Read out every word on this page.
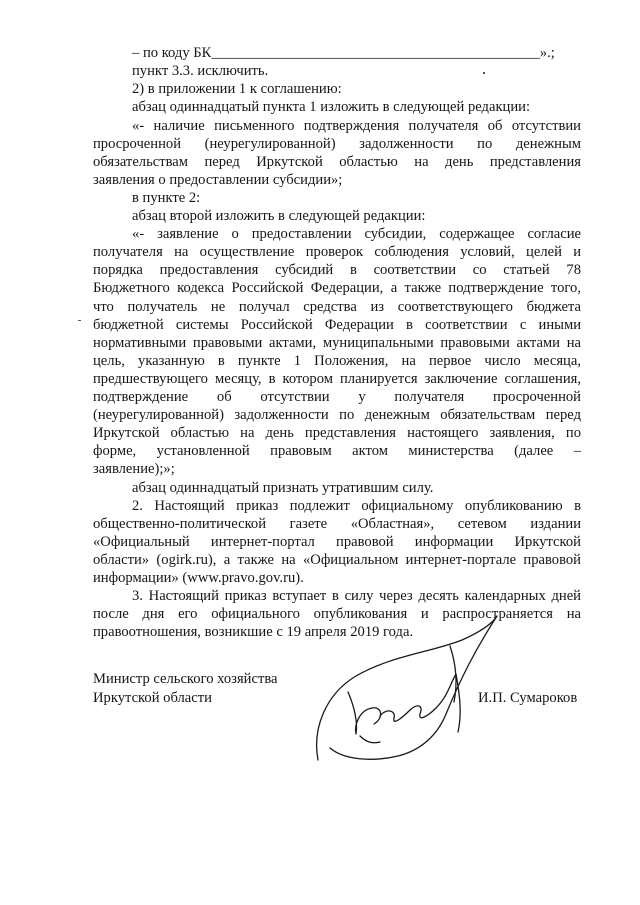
– по коду БК_____________________________________________».;
пункт 3.3. исключить.
2) в приложении 1 к соглашению:
абзац одиннадцатый пункта 1 изложить в следующей редакции:
«- наличие письменного подтверждения получателя об отсутствии
просроченной (неурегулированной) задолженности по денежным
обязательствам перед Иркутской областью на день представления
заявления о предоставлении субсидии»;
в пункте 2:
абзац второй изложить в следующей редакции:
«- заявление о предоставлении субсидии, содержащее согласие
получателя на осуществление проверок соблюдения условий, целей и
порядка предоставления субсидий в соответствии со статьей 78
Бюджетного кодекса Российской Федерации, а также подтверждение того,
что получатель не получал средства из соответствующего бюджета
бюджетной системы Российской Федерации в соответствии с иными
нормативными правовыми актами, муниципальными правовыми актами на
цель, указанную в пункте 1 Положения, на первое число месяца,
предшествующего месяцу, в котором планируется заключение соглашения,
подтверждение об отсутствии у получателя просроченной
(неурегулированной) задолженности по денежным обязательствам перед
Иркутской областью на день представления настоящего заявления, по
форме, установленной правовым актом министерства (далее –
заявление);»;
абзац одиннадцатый признать утратившим силу.
2. Настоящий приказ подлежит официальному опубликованию в
общественно-политической газете «Областная», сетевом издании
«Официальный интернет-портал правовой информации Иркутской
области» (ogirk.ru), а также на «Официальном интернет-портале правовой
информации» (www.pravo.gov.ru).
3. Настоящий приказ вступает в силу через десять календарных дней
после дня его официального опубликования и распространяется на
правоотношения, возникшие с 19 апреля 2019 года.
Министр сельского хозяйства
Иркутской области	И.П. Сумароков
